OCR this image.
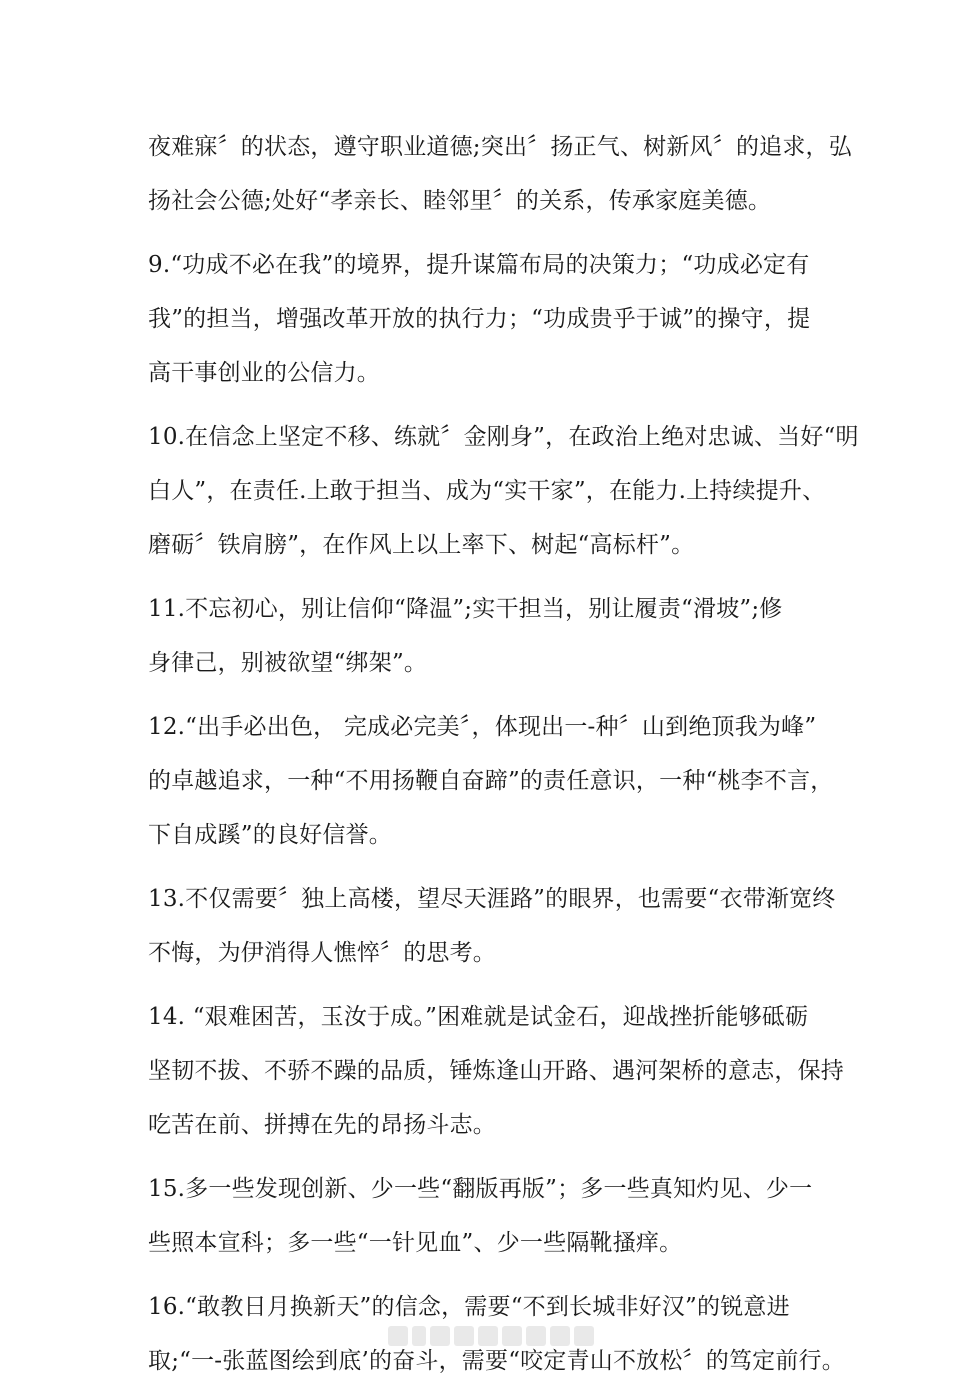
夜难寐〞的状态，遵守职业道德;突出〞扬正气、树新风〞的追求，弘
扬社会公德;处好“孝亲长、睦邻里〞的关系，传承家庭美德。
9.“功成不必在我”的境界，提升谋篇布局的决策力；“功成必定有
我”的担当，增强改革开放的执行力；“功成贵乎于诚”的操守，提
高干事创业的公信力。
10.在信念上坚定不移、练就〞金刚身”，在政治上绝对忠诚、当好“明
白人”，在责任.上敢于担当、成为“实干家”，在能力.上持续提升、
磨砺〞铁肩膀”，在作风上以上率下、树起“高标杆”。
11.不忘初心，别让信仰“降温”;实干担当，别让履责“滑坡”;修
身律己，别被欲望“绑架”。
12.“出手必出色， 完成必完美〞，体现出一-种〞山到绝顶我为峰”
的卓越追求，一种“不用扬鞭自奋蹄”的责任意识，一种“桃李不言，
下自成蹊”的良好信誉。
13.不仅需要〞独上高楼，望尽天涯路”的眼界，也需要“衣带渐宽终
不悔，为伊消得人憔悴〞的思考。
14. “艰难困苦，玉汝于成。”困难就是试金石，迎战挫折能够砥砺
坚韧不拔、不骄不躁的品质，锤炼逢山开路、遇河架桥的意志，保持
吃苦在前、拼搏在先的昂扬斗志。
15.多一些发现创新、少一些“翻版再版”；多一些真知灼见、少一
些照本宣科；多一些“一针见血”、少一些隔靴搔痒。
16.“敢教日月换新天”的信念，需要“不到长城非好汉”的锐意进
取;“一-张蓝图绘到底’的奋斗，需要“咬定青山不放松〞的笃定前行。
